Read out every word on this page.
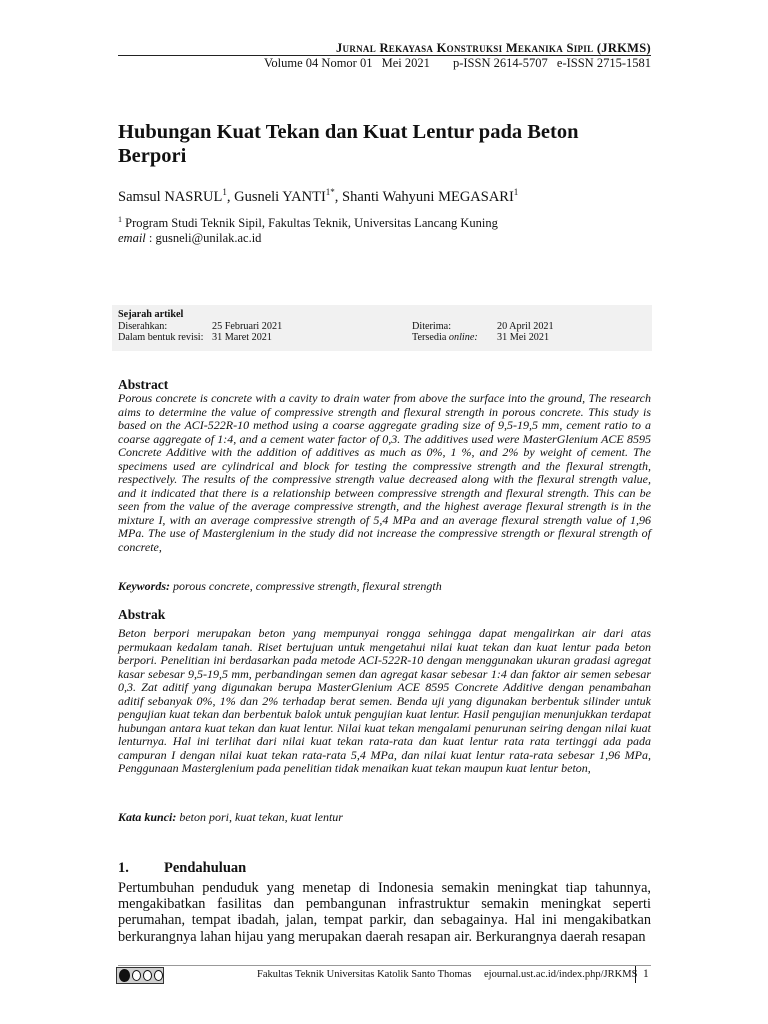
Jurnal Rekayasa Konstruksi Mekanika Sipil (JRKMS)
Volume 04 Nomor 01 Mei 2021 p-ISSN 2614-5707 e-ISSN 2715-1581
Hubungan Kuat Tekan dan Kuat Lentur pada Beton Berpori
Samsul NASRUL$^1$, Gusneli $YANTI^{1*}$, Shanti Wahyuni MEGASARI$^1$
$^1$ Program Studi Teknik Sipil, Fakultas Teknik, Universitas Lancang Kuning
email : gusneli@unilak.ac.id
Sejarah artikel
Diserahkan:	25 Februari 2021
Dalam bentuk revisi: 31 Maret 2021
Diterima:	20 April 2021
Tersedia online: 31 Mei 2021
Abstract
Porous concrete is concrete with a cavity to drain water from above the surface into the ground, The research aims to determine the value of compressive strength and flexural strength in porous concrete. This study is based on the ACI-522R-10 method using a coarse aggregate grading size of 9,5-19,5 mm, cement ratio to a coarse aggregate of 1:4, and a cement water factor of 0,3. The additives used were MasterGlenium ACE 8595 Concrete Additive with the addition of additives as much as 0%, 1 %, and 2% by weight of cement. The specimens used are cylindrical and block for testing the compressive strength and the flexural strength, respectively. The results of the compressive strength value decreased along with the flexural strength value, and it indicated that there is a relationship between compressive strength and flexural strength. This can be seen from the value of the average compressive strength, and the highest average flexural strength is in the mixture I, with an average compressive strength of 5,4 MPa and an average flexural strength value of 1,96 MPa. The use of Masterglenium in the study did not increase the compressive strength or flexural strength of concrete,
Keywords: porous concrete, compressive strength, flexural strength
Abstrak
Beton berpori merupakan beton yang mempunyai rongga sehingga dapat mengalirkan air dari atas permukaan kedalam tanah. Riset bertujuan untuk mengetahui nilai kuat tekan dan kuat lentur pada beton berpori. Penelitian ini berdasarkan pada metode ACI-522R-10 dengan menggunakan ukuran gradasi agregat kasar sebesar 9,5-19,5 mm, perbandingan semen dan agregat kasar sebesar 1:4 dan faktor air semen sebesar 0,3. Zat aditif yang digunakan berupa MasterGlenium ACE 8595 Concrete Additive dengan penambahan aditif sebanyak 0%, 1% dan 2% terhadap berat semen. Benda uji yang digunakan berbentuk silinder untuk pengujian kuat tekan dan berbentuk balok untuk pengujian kuat lentur. Hasil pengujian menunjukkan terdapat hubungan antara kuat tekan dan kuat lentur. Nilai kuat tekan mengalami penurunan seiring dengan nilai kuat lenturnya. Hal ini terlihat dari nilai kuat tekan rata-rata dan kuat lentur rata rata tertinggi ada pada campuran I dengan nilai kuat tekan rata-rata 5,4 MPa, dan nilai kuat lentur rata-rata sebesar 1,96 MPa, Penggunaan Masterglenium pada penelitian tidak menaikan kuat tekan maupun kuat lentur beton,
Kata kunci: beton pori, kuat tekan, kuat lentur
1. Pendahuluan
Pertumbuhan penduduk yang menetap di Indonesia semakin meningkat tiap tahunnya, mengakibatkan fasilitas dan pembangunan infrastruktur semakin meningkat seperti perumahan, tempat ibadah, jalan, tempat parkir, dan sebagainya. Hal ini mengakibatkan berkurangnya lahan hijau yang merupakan daerah resapan air. Berkurangnya daerah resapan
Fakultas Teknik Universitas Katolik Santo Thomas ejournal.ust.ac.id/index.php/JRKMS 1
